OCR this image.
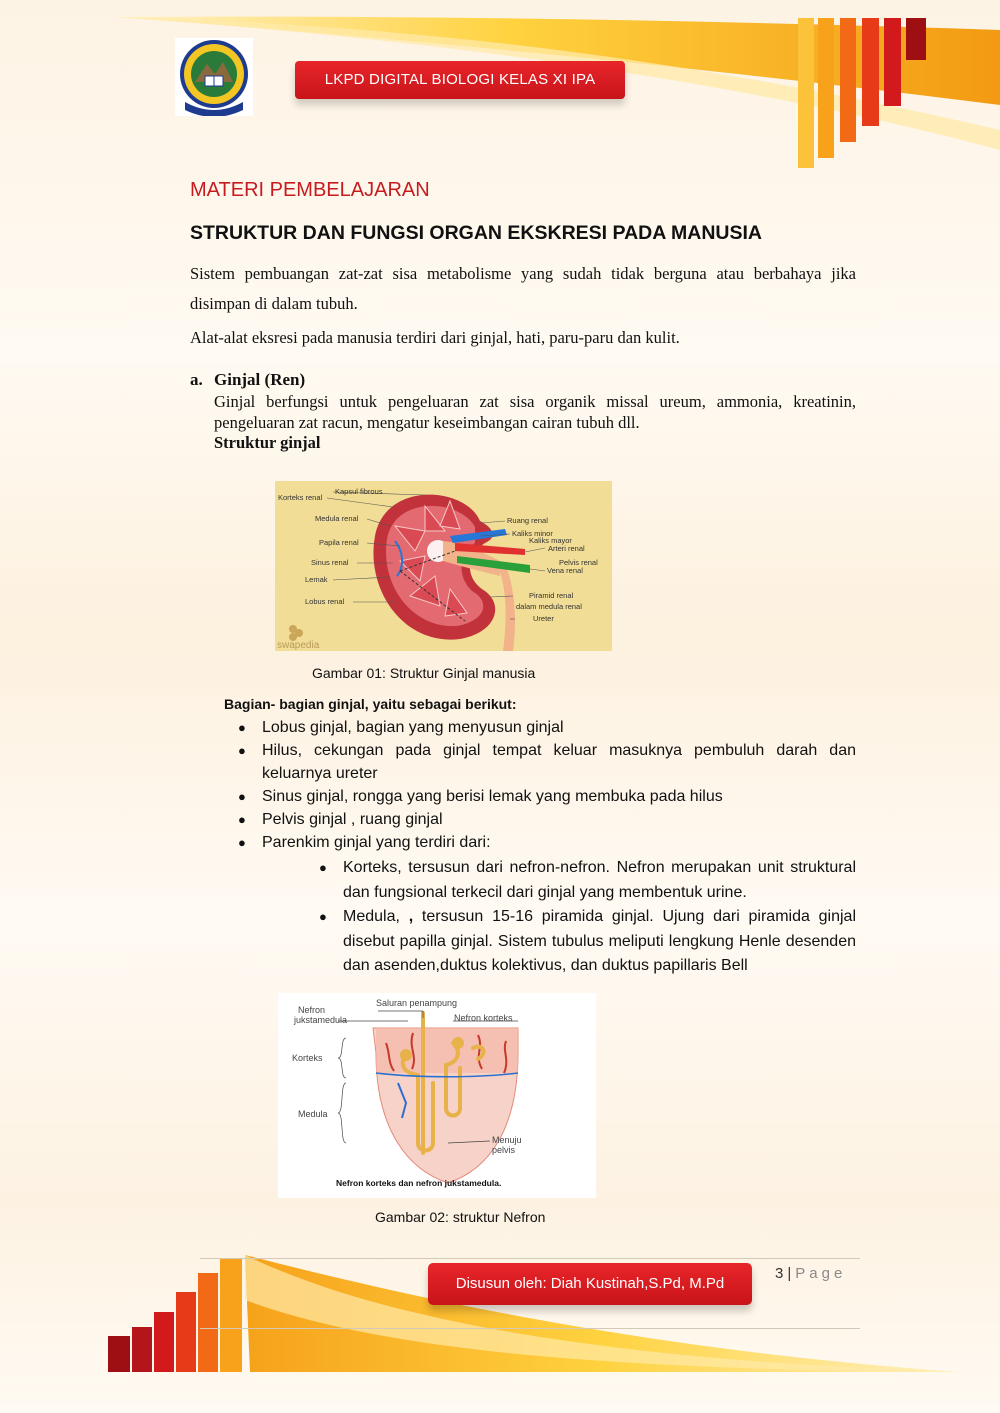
LKPD DIGITAL BIOLOGI KELAS XI IPA
MATERI PEMBELAJARAN
STRUKTUR DAN FUNGSI ORGAN EKSKRESI PADA MANUSIA
Sistem pembuangan zat-zat sisa metabolisme yang sudah tidak berguna atau berbahaya jika disimpan di dalam tubuh.
Alat-alat eksresi pada manusia terdiri dari ginjal, hati, paru-paru dan kulit.
a. Ginjal (Ren)
Ginjal berfungsi untuk pengeluaran zat sisa organik missal ureum, ammonia, kreatinin, pengeluaran zat racun, mengatur keseimbangan cairan tubuh dll.
Struktur ginjal
Korteks renal
Kapsul fibrous
Medula renal
Papila renal
Sinus renal
Lemak
Lobus renal
Ruang renal
Kaliks minor
Kaliks mayor
Arteri renal
Pelvis renal
Vena renal
Piramid renal
dalam medula renal
Ureter
swapedia
Gambar 01: Struktur Ginjal manusia
Bagian- bagian ginjal, yaitu sebagai berikut:
● Lobus ginjal, bagian yang menyusun ginjal
● Hilus, cekungan pada ginjal tempat keluar masuknya pembuluh darah dan keluarnya ureter
● Sinus ginjal, rongga yang berisi lemak yang membuka pada hilus
● Pelvis ginjal , ruang ginjal
● Parenkim ginjal yang terdiri dari:
● Korteks, tersusun dari nefron-nefron. Nefron merupakan unit struktural dan fungsional terkecil dari ginjal yang membentuk urine.
● Medula, , tersusun 15-16 piramida ginjal. Ujung dari piramida ginjal disebut papilla ginjal. Sistem tubulus meliputi lengkung Henle desenden dan asenden,duktus kolektivus, dan duktus papillaris Bell
Saluran penampung
Nefron
jukstamedula	Nefron korteks
Korteks
Medula
Menuju
pelvis
Nefron korteks dan nefron jukstamedula.
Gambar 02: struktur Nefron
Disusun oleh: Diah Kustinah,S.Pd, M.Pd
3 | Page
